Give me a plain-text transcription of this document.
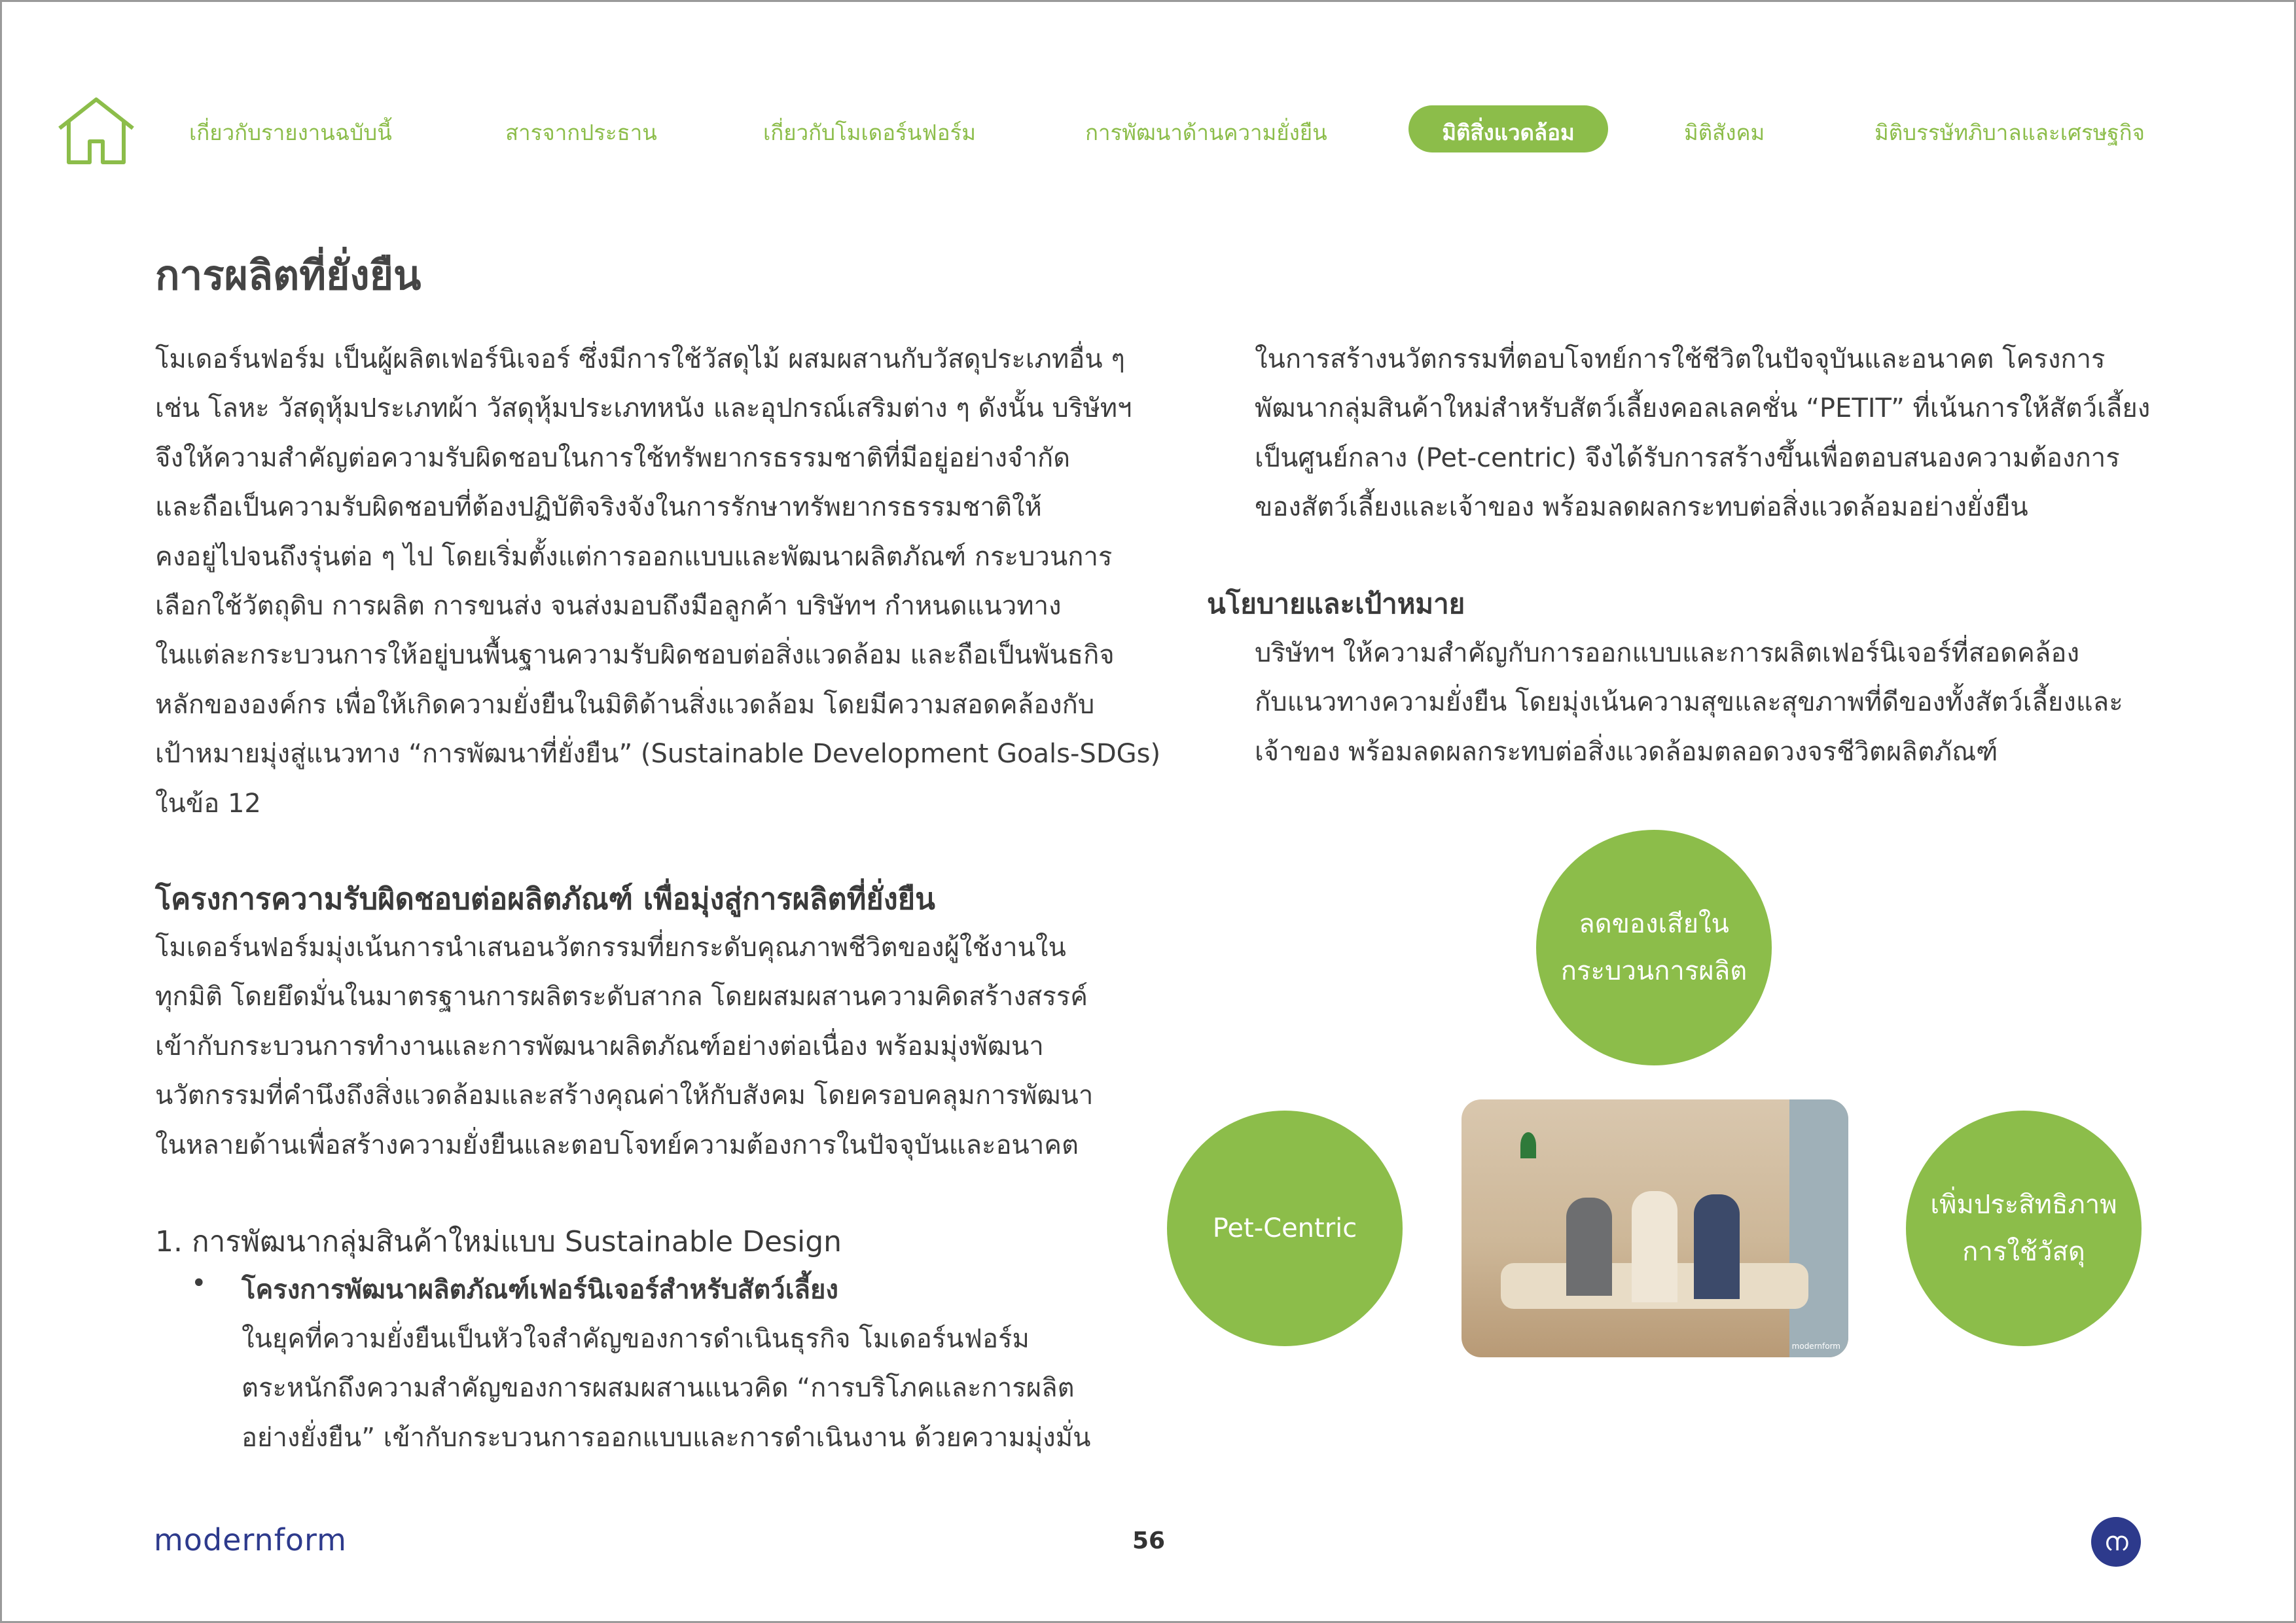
เกี่ยวกับรายงานฉบับนี้	สารจากประธาน	เกี่ยวกับโมเดอร์นฟอร์ม	การพัฒนาด้านความยั่งยืน	มิติสิ่งแวดล้อม	มิติสังคม	มิติบรรษัทภิบาลและเศรษฐกิจ
การผลิตที่ยั่งยืน
โมเดอร์นฟอร์ม เป็นผู้ผลิตเฟอร์นิเจอร์ ซึ่งมีการใช้วัสดุไม้ ผสมผสานกับวัสดุประเภทอื่น ๆ
เช่น โลหะ วัสดุหุ้มประเภทผ้า วัสดุหุ้มประเภทหนัง และอุปกรณ์เสริมต่าง ๆ ดังนั้น บริษัทฯ
จึงให้ความสำคัญต่อความรับผิดชอบในการใช้ทรัพยากรธรรมชาติที่มีอยู่อย่างจำกัด
และถือเป็นความรับผิดชอบที่ต้องปฏิบัติจริงจังในการรักษาทรัพยากรธรรมชาติให้
คงอยู่ไปจนถึงรุ่นต่อ ๆ ไป โดยเริ่มตั้งแต่การออกแบบและพัฒนาผลิตภัณฑ์ กระบวนการ
เลือกใช้วัตถุดิบ การผลิต การขนส่ง จนส่งมอบถึงมือลูกค้า บริษัทฯ กำหนดแนวทาง
ในแต่ละกระบวนการให้อยู่บนพื้นฐานความรับผิดชอบต่อสิ่งแวดล้อม และถือเป็นพันธกิจ
หลักขององค์กร เพื่อให้เกิดความยั่งยืนในมิติด้านสิ่งแวดล้อม โดยมีความสอดคล้องกับ
เป้าหมายมุ่งสู่แนวทาง “การพัฒนาที่ยั่งยืน” (Sustainable Development Goals-SDGs)
ในข้อ 12
โครงการความรับผิดชอบต่อผลิตภัณฑ์ เพื่อมุ่งสู่การผลิตที่ยั่งยืน
โมเดอร์นฟอร์มมุ่งเน้นการนำเสนอนวัตกรรมที่ยกระดับคุณภาพชีวิตของผู้ใช้งานใน
ทุกมิติ โดยยึดมั่นในมาตรฐานการผลิตระดับสากล โดยผสมผสานความคิดสร้างสรรค์
เข้ากับกระบวนการทำงานและการพัฒนาผลิตภัณฑ์อย่างต่อเนื่อง พร้อมมุ่งพัฒนา
นวัตกรรมที่คำนึงถึงสิ่งแวดล้อมและสร้างคุณค่าให้กับสังคม โดยครอบคลุมการพัฒนา
ในหลายด้านเพื่อสร้างความยั่งยืนและตอบโจทย์ความต้องการในปัจจุบันและอนาคต
1. การพัฒนากลุ่มสินค้าใหม่แบบ Sustainable Design
• โครงการพัฒนาผลิตภัณฑ์เฟอร์นิเจอร์สำหรับสัตว์เลี้ยง
ในยุคที่ความยั่งยืนเป็นหัวใจสำคัญของการดำเนินธุรกิจ โมเดอร์นฟอร์ม
ตระหนักถึงความสำคัญของการผสมผสานแนวคิด “การบริโภคและการผลิต
อย่างยั่งยืน” เข้ากับกระบวนการออกแบบและการดำเนินงาน ด้วยความมุ่งมั่น
ในการสร้างนวัตกรรมที่ตอบโจทย์การใช้ชีวิตในปัจจุบันและอนาคต โครงการ
พัฒนากลุ่มสินค้าใหม่สำหรับสัตว์เลี้ยงคอลเลคชั่น “PETIT” ที่เน้นการให้สัตว์เลี้ยง
เป็นศูนย์กลาง (Pet-centric) จึงได้รับการสร้างขึ้นเพื่อตอบสนองความต้องการ
ของสัตว์เลี้ยงและเจ้าของ พร้อมลดผลกระทบต่อสิ่งแวดล้อมอย่างยั่งยืน
นโยบายและเป้าหมาย
บริษัทฯ ให้ความสำคัญกับการออกแบบและการผลิตเฟอร์นิเจอร์ที่สอดคล้อง
กับแนวทางความยั่งยืน โดยมุ่งเน้นความสุขและสุขภาพที่ดีของทั้งสัตว์เลี้ยงและ
เจ้าของ พร้อมลดผลกระทบต่อสิ่งแวดล้อมตลอดวงจรชีวิตผลิตภัณฑ์
ลดของเสียใน
กระบวนการผลิต
Pet-Centric
เพิ่มประสิทธิภาพ
การใช้วัสดุ
modernform
modernform	56	ന
